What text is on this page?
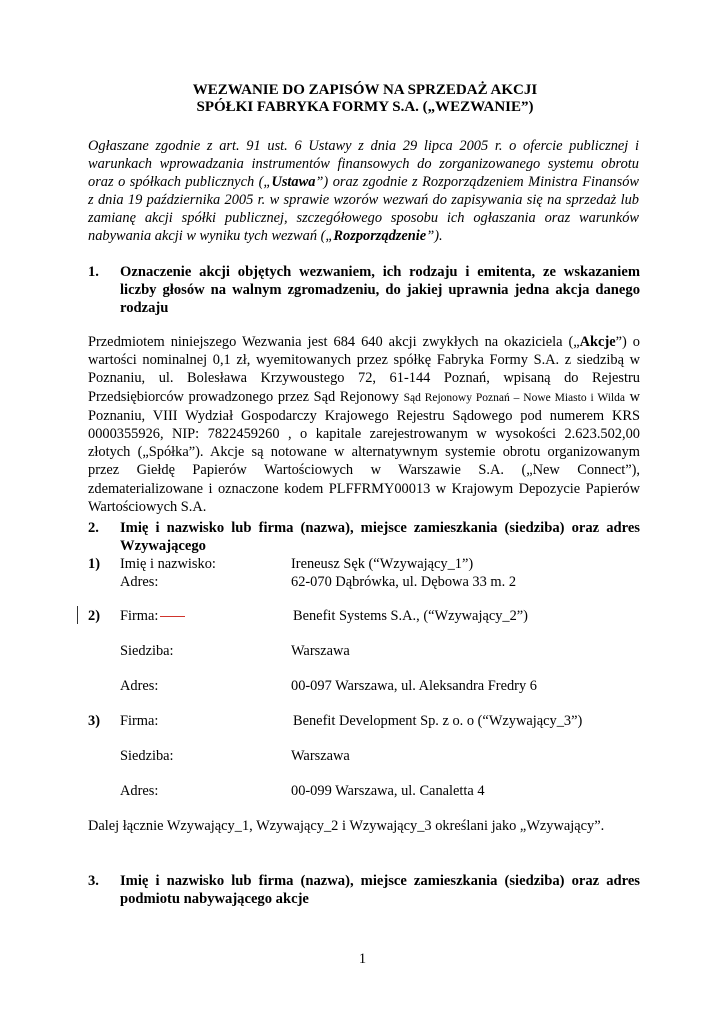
WEZWANIE DO ZAPISÓW NA SPRZEDAŻ AKCJI
SPÓŁKI FABRYKA FORMY S.A. („WEZWANIE”)
Ogłaszane zgodnie z art. 91 ust. 6 Ustawy z dnia 29 lipca 2005 r. o ofercie publicznej i warunkach wprowadzania instrumentów finansowych do zorganizowanego systemu obrotu oraz o spółkach publicznych („Ustawa”) oraz zgodnie z Rozporządzeniem Ministra Finansów z dnia 19 października 2005 r. w sprawie wzorów wezwań do zapisywania się na sprzedaż lub zamianę akcji spółki publicznej, szczegółowego sposobu ich ogłaszania oraz warunków nabywania akcji w wyniku tych wezwań („Rozporządzenie”).
1. Oznaczenie akcji objętych wezwaniem, ich rodzaju i emitenta, ze wskazaniem liczby głosów na walnym zgromadzeniu, do jakiej uprawnia jedna akcja danego rodzaju
Przedmiotem niniejszego Wezwania jest 684 640 akcji zwykłych na okaziciela („Akcje”) o wartości nominalnej 0,1 zł, wyemitowanych przez spółkę Fabryka Formy S.A. z siedzibą w Poznaniu, ul. Bolesława Krzywoustego 72, 61-144 Poznań, wpisaną do Rejestru Przedsiębiorców prowadzonego przez Sąd Rejonowy Sąd Rejonowy Poznań – Nowe Miasto i Wilda w Poznaniu, VIII Wydział Gospodarczy Krajowego Rejestru Sądowego pod numerem KRS 0000355926, NIP: 7822459260 , o kapitale zarejestrowanym w wysokości 2.623.502,00 złotych („Spółka”). Akcje są notowane w alternatywnym systemie obrotu organizowanym przez Giełdę Papierów Wartościowych w Warszawie S.A. („New Connect”), zdematerializowane i oznaczone kodem PLFFRMY00013 w Krajowym Depozycie Papierów Wartościowych S.A.
2. Imię i nazwisko lub firma (nazwa), miejsce zamieszkania (siedziba) oraz adres Wzywającego
1) Imię i nazwisko:	Ireneusz Sęk (“Wzywający_1”)
Adres:	62-070 Dąbrówka, ul. Dębowa 33 m. 2
2) Firma:	Benefit Systems S.A., (“Wzywający_2”)
Siedziba:	Warszawa
Adres:	00-097 Warszawa, ul. Aleksandra Fredry 6
3) Firma:	Benefit Development Sp. z o. o (“Wzywający_3”)
Siedziba:	Warszawa
Adres:	00-099 Warszawa, ul. Canaletta 4
Dalej łącznie Wzywający_1, Wzywający_2 i Wzywający_3 określani jako „Wzywający”.
3. Imię i nazwisko lub firma (nazwa), miejsce zamieszkania (siedziba) oraz adres podmiotu nabywającego akcje
1
